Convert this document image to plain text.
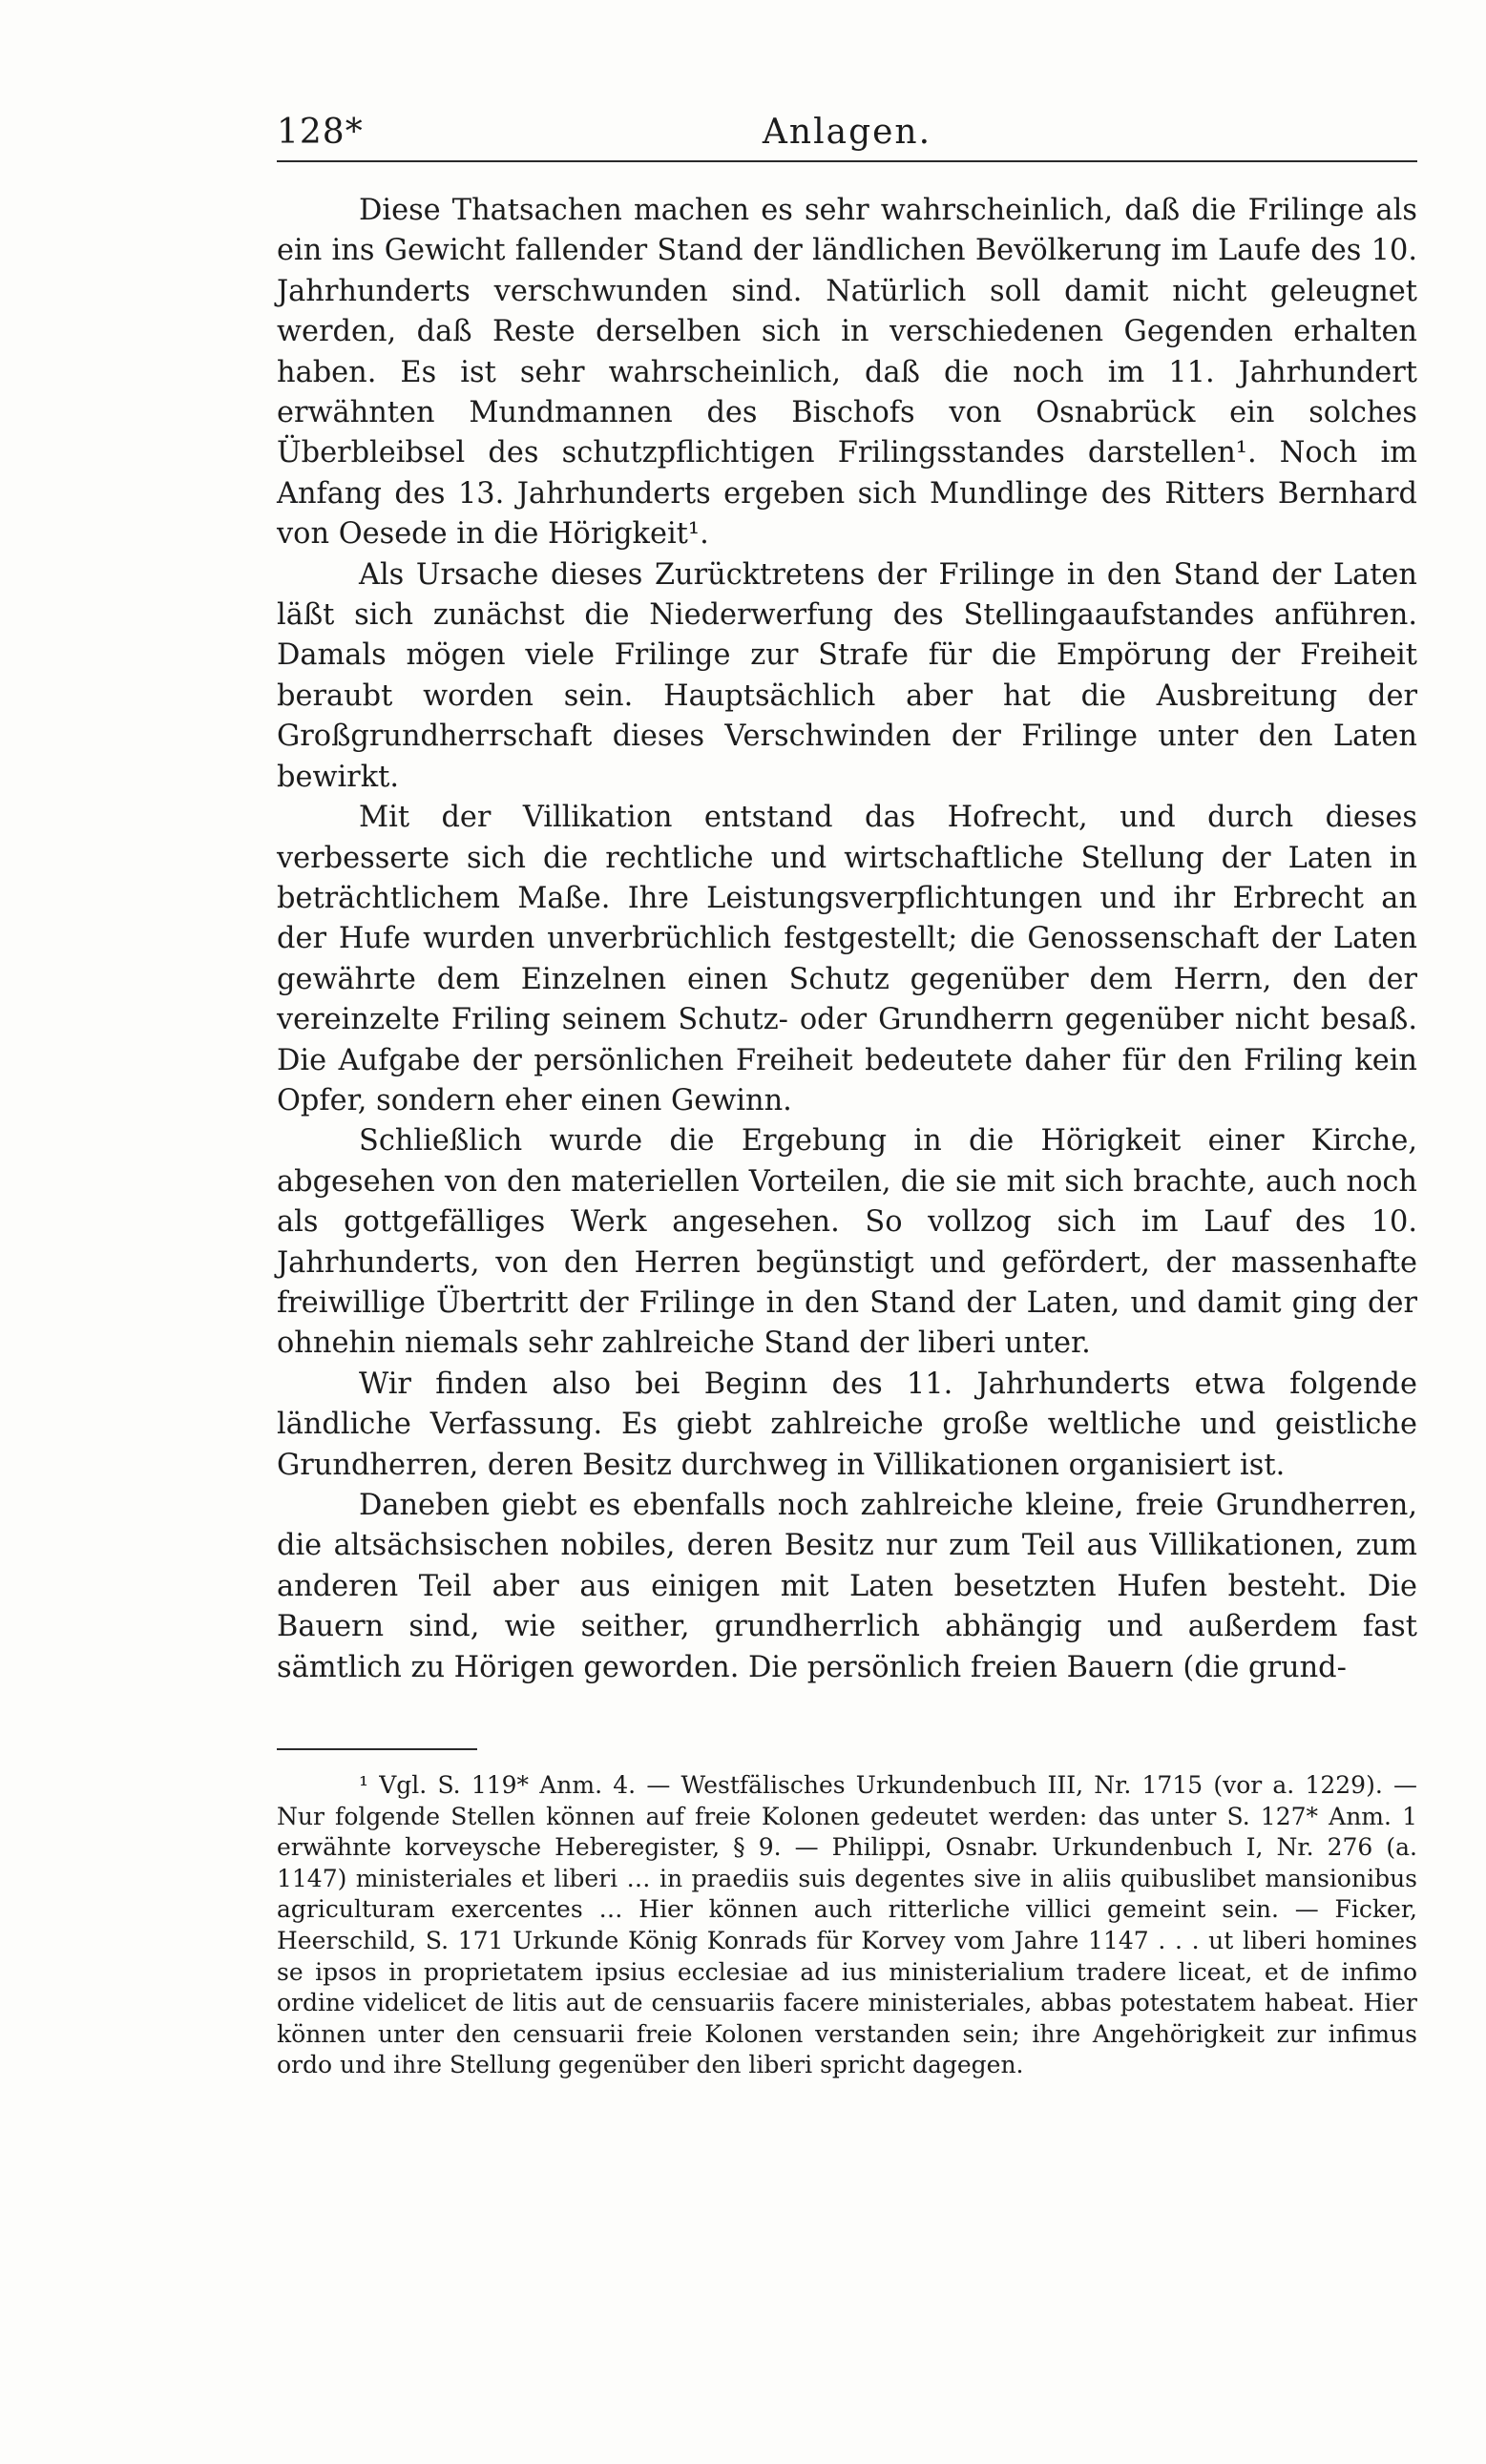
128*	Anlagen.

Diese Thatsachen machen es sehr wahrscheinlich, daß die Frilinge als ein ins Gewicht fallender Stand der ländlichen Bevölkerung im Laufe des 10. Jahrhunderts verschwunden sind. Natürlich soll damit nicht geleugnet werden, daß Reste derselben sich in verschiedenen Gegenden erhalten haben. Es ist sehr wahrscheinlich, daß die noch im 11. Jahrhundert erwähnten Mundmannen des Bischofs von Osnabrück ein solches Überbleibsel des schutzpflichtigen Frilingsstandes darstellen¹. Noch im Anfang des 13. Jahrhunderts ergeben sich Mundlinge des Ritters Bernhard von Oesede in die Hörigkeit¹.

Als Ursache dieses Zurücktretens der Frilinge in den Stand der Laten läßt sich zunächst die Niederwerfung des Stellingaaufstandes anführen. Damals mögen viele Frilinge zur Strafe für die Empörung der Freiheit beraubt worden sein. Hauptsächlich aber hat die Ausbreitung der Großgrundherrschaft dieses Verschwinden der Frilinge unter den Laten bewirkt.

Mit der Villikation entstand das Hofrecht, und durch dieses verbesserte sich die rechtliche und wirtschaftliche Stellung der Laten in beträchtlichem Maße. Ihre Leistungsverpflichtungen und ihr Erbrecht an der Hufe wurden unverbrüchlich festgestellt; die Genossenschaft der Laten gewährte dem Einzelnen einen Schutz gegenüber dem Herrn, den der vereinzelte Friling seinem Schutz- oder Grundherrn gegenüber nicht besaß. Die Aufgabe der persönlichen Freiheit bedeutete daher für den Friling kein Opfer, sondern eher einen Gewinn.

Schließlich wurde die Ergebung in die Hörigkeit einer Kirche, abgesehen von den materiellen Vorteilen, die sie mit sich brachte, auch noch als gottgefälliges Werk angesehen. So vollzog sich im Lauf des 10. Jahrhunderts, von den Herren begünstigt und gefördert, der massenhafte freiwillige Übertritt der Frilinge in den Stand der Laten, und damit ging der ohnehin niemals sehr zahlreiche Stand der liberi unter.

Wir finden also bei Beginn des 11. Jahrhunderts etwa folgende ländliche Verfassung. Es giebt zahlreiche große weltliche und geistliche Grundherren, deren Besitz durchweg in Villikationen organisiert ist.

Daneben giebt es ebenfalls noch zahlreiche kleine, freie Grundherren, die altsächsischen nobiles, deren Besitz nur zum Teil aus Villikationen, zum anderen Teil aber aus einigen mit Laten besetzten Hufen besteht. Die Bauern sind, wie seither, grundherrlich abhängig und außerdem fast sämtlich zu Hörigen geworden. Die persönlich freien Bauern (die grund-

¹ Vgl. S. 119* Anm. 4. — Westfälisches Urkundenbuch III, Nr. 1715 (vor a. 1229). — Nur folgende Stellen können auf freie Kolonen gedeutet werden: das unter S. 127* Anm. 1 erwähnte korveysche Heberegister, § 9. — Philippi, Osnabr. Urkundenbuch I, Nr. 276 (a. 1147) ministeriales et liberi … in praediis suis degentes sive in aliis quibuslibet mansionibus agriculturam exercentes … Hier können auch ritterliche villici gemeint sein. — Ficker, Heerschild, S. 171 Urkunde König Konrads für Korvey vom Jahre 1147 . . . ut liberi homines se ipsos in proprietatem ipsius ecclesiae ad ius ministerialium tradere liceat, et de infimo ordine videlicet de litis aut de censuariis facere ministeriales, abbas potestatem habeat. Hier können unter den censuarii freie Kolonen verstanden sein; ihre Angehörigkeit zur infimus ordo und ihre Stellung gegenüber den liberi spricht dagegen.
